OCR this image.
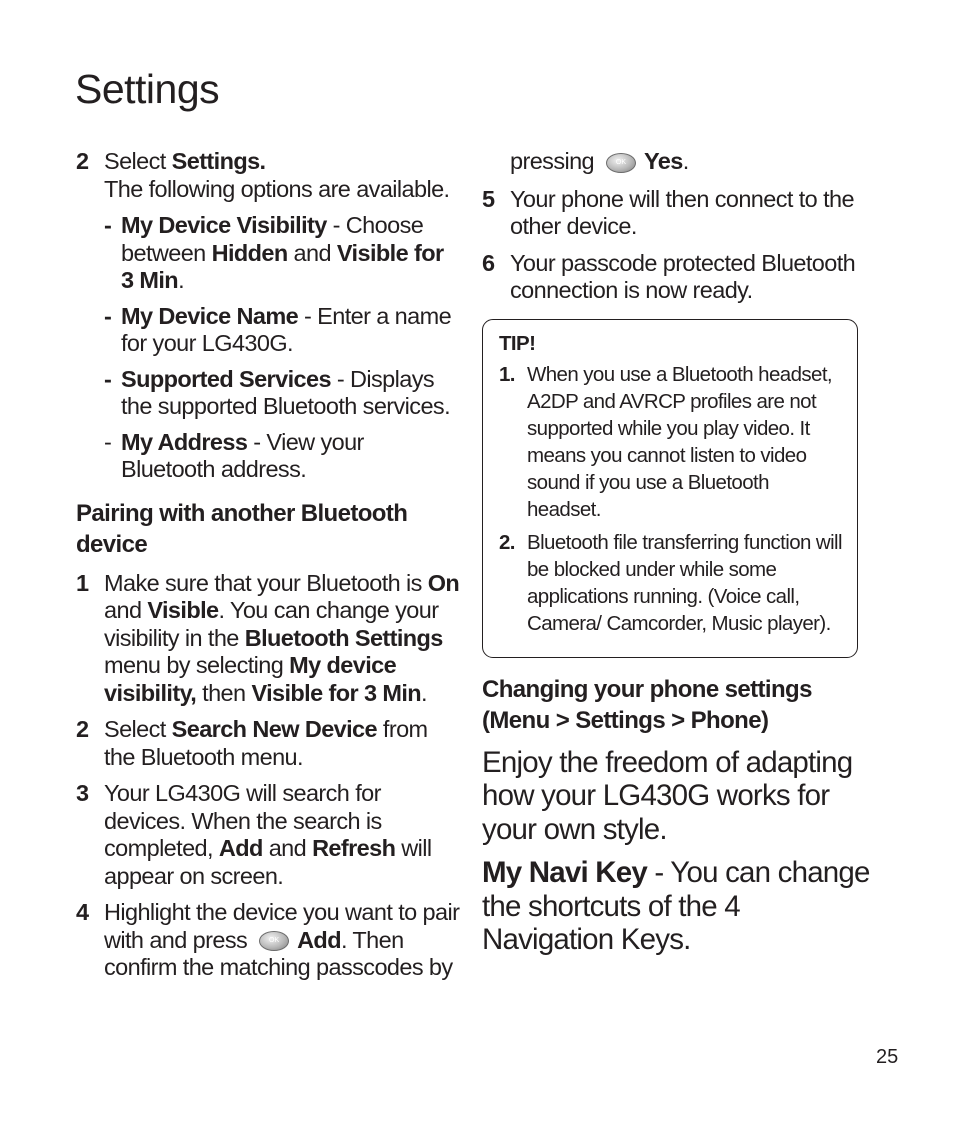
Settings
2 Select Settings.
The following options are available.
- My Device Visibility - Choose between Hidden and Visible for 3 Min.
- My Device Name - Enter a name for your LG430G.
- Supported Services - Displays the supported Bluetooth services.
- My Address - View your Bluetooth address.
Pairing with another Bluetooth device
1 Make sure that your Bluetooth is On and Visible. You can change your visibility in the Bluetooth Settings menu by selecting My device visibility, then Visible for 3 Min.
2 Select Search New Device from the Bluetooth menu.
3 Your LG430G will search for devices. When the search is completed, Add and Refresh will appear on screen.
4 Highlight the device you want to pair with and press OK Add. Then confirm the matching passcodes by
pressing OK Yes.
5 Your phone will then connect to the other device.
6 Your passcode protected Bluetooth connection is now ready.
TIP!
1. When you use a Bluetooth headset, A2DP and AVRCP profiles are not supported while you play video. It means you cannot listen to video sound if you use a Bluetooth headset.
2. Bluetooth file transferring function will be blocked under while some applications running. (Voice call, Camera/ Camcorder, Music player).
Changing your phone settings (Menu > Settings > Phone)
Enjoy the freedom of adapting how your LG430G works for your own style.
My Navi Key - You can change the shortcuts of the 4 Navigation Keys.
25
